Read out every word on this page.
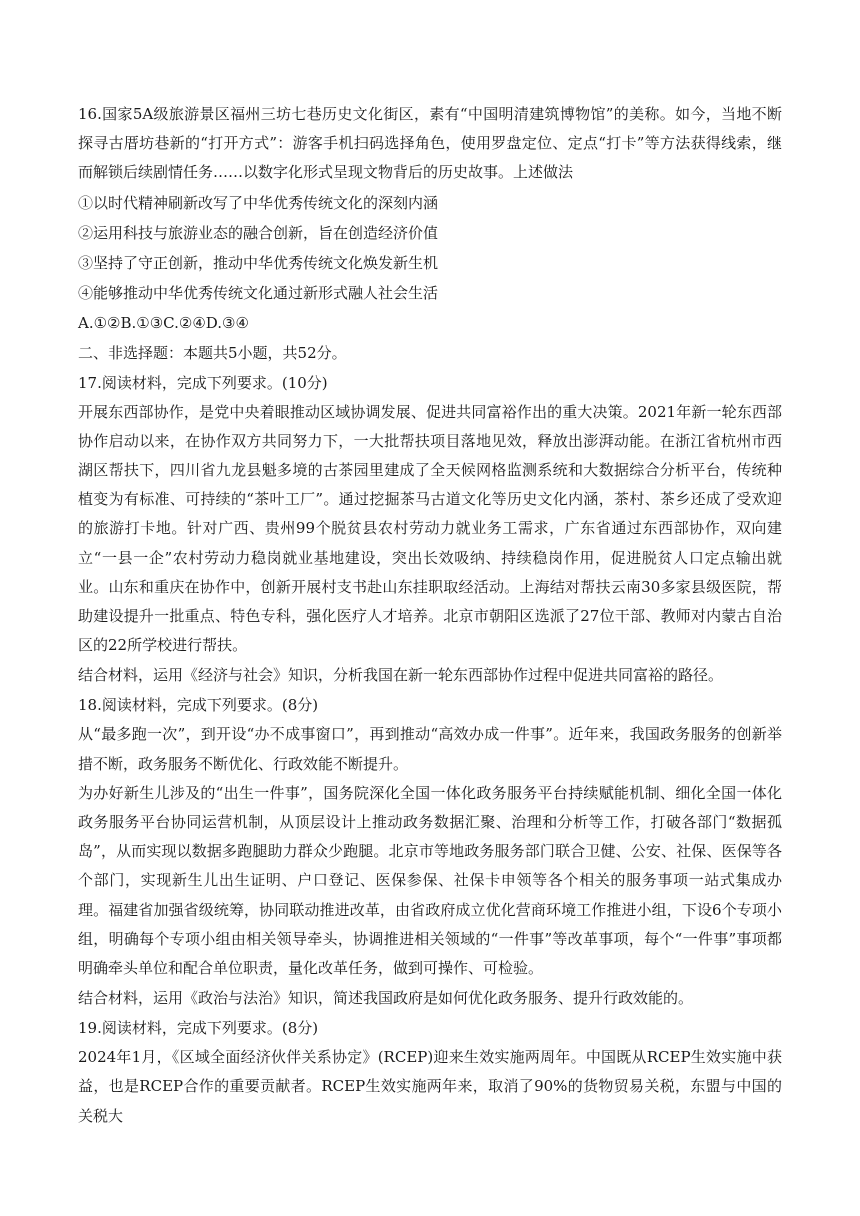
16.国家5A级旅游景区福州三坊七巷历史文化街区，素有“中国明清建筑博物馆”的美称。如今，当地不断探寻古厝坊巷新的“打开方式”：游客手机扫码选择角色，使用罗盘定位、定点“打卡”等方法获得线索，继而解锁后续剧情任务……以数字化形式呈现文物背后的历史故事。上述做法

①以时代精神刷新改写了中华优秀传统文化的深刻内涵

②运用科技与旅游业态的融合创新，旨在创造经济价值

③坚持了守正创新，推动中华优秀传统文化焕发新生机

④能够推动中华优秀传统文化通过新形式融人社会生活

A.①②B.①③C.②④D.③④

二、非选择题：本题共5小题，共52分。

17.阅读材料，完成下列要求。(10分)

开展东西部协作，是党中央着眼推动区域协调发展、促进共同富裕作出的重大决策。2021年新一轮东西部协作启动以来，在协作双方共同努力下，一大批帮扶项目落地见效，释放出澎湃动能。在浙江省杭州市西湖区帮扶下，四川省九龙县魁多境的古茶园里建成了全天候网格监测系统和大数据综合分析平台，传统种植变为有标准、可持续的“茶叶工厂”。通过挖掘茶马古道文化等历史文化内涵，茶村、茶乡还成了受欢迎的旅游打卡地。针对广西、贵州99个脱贫县农村劳动力就业务工需求，广东省通过东西部协作，双向建立“一县一企”农村劳动力稳岗就业基地建设，突出长效吸纳、持续稳岗作用，促进脱贫人口定点输出就业。山东和重庆在协作中，创新开展村支书赴山东挂职取经活动。上海结对帮扶云南30多家县级医院，帮助建设提升一批重点、特色专科，强化医疗人才培养。北京市朝阳区选派了27位干部、教师对内蒙古自治区的22所学校进行帮扶。

结合材料，运用《经济与社会》知识，分析我国在新一轮东西部协作过程中促进共同富裕的路径。

18.阅读材料，完成下列要求。(8分)

从“最多跑一次”，到开设“办不成事窗口”，再到推动“高效办成一件事”。近年来，我国政务服务的创新举措不断，政务服务不断优化、行政效能不断提升。

为办好新生儿涉及的“出生一件事”，国务院深化全国一体化政务服务平台持续赋能机制、细化全国一体化政务服务平台协同运营机制，从顶层设计上推动政务数据汇聚、治理和分析等工作，打破各部门“数据孤岛”，从而实现以数据多跑腿助力群众少跑腿。北京市等地政务服务部门联合卫健、公安、社保、医保等各个部门，实现新生儿出生证明、户口登记、医保参保、社保卡申领等各个相关的服务事项一站式集成办理。福建省加强省级统筹，协同联动推进改革，由省政府成立优化营商环境工作推进小组，下设6个专项小组，明确每个专项小组由相关领导牵头，协调推进相关领域的“一件事”等改革事项，每个“一件事”事项都明确牵头单位和配合单位职责，量化改革任务，做到可操作、可检验。

结合材料，运用《政治与法治》知识，简述我国政府是如何优化政务服务、提升行政效能的。

19.阅读材料，完成下列要求。(8分)

2024年1月，《区域全面经济伙伴关系协定》(RCEP)迎来生效实施两周年。中国既从RCEP生效实施中获益，也是RCEP合作的重要贡献者。RCEP生效实施两年来，取消了90%的货物贸易关税，东盟与中国的关税大
